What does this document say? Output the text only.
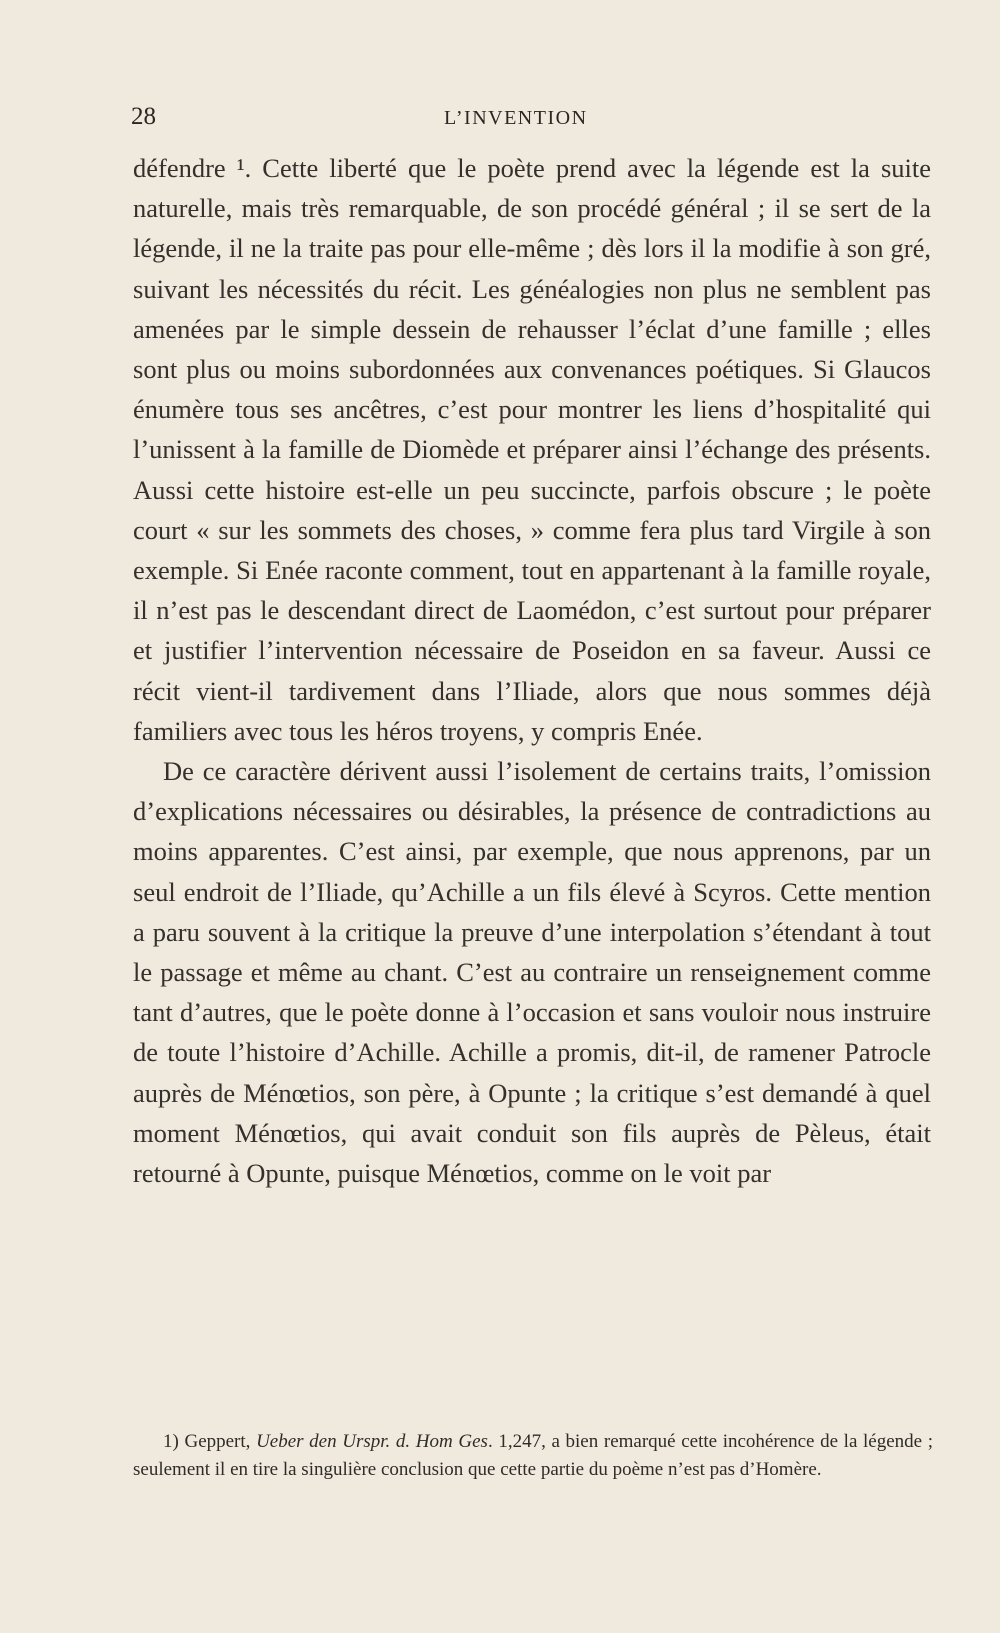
28	L’INVENTION

défendre ¹. Cette liberté que le poète prend avec la légende est la suite naturelle, mais très remarquable, de son procédé général ; il se sert de la légende, il ne la traite pas pour elle-même ; dès lors il la modifie à son gré, suivant les nécessités du récit. Les généalogies non plus ne semblent pas amenées par le simple dessein de rehausser l’éclat d’une famille ; elles sont plus ou moins subordonnées aux convenances poétiques. Si Glaucos énumère tous ses ancêtres, c’est pour montrer les liens d’hospitalité qui l’unissent à la famille de Diomède et préparer ainsi l’échange des présents. Aussi cette histoire est-elle un peu succincte, parfois obscure ; le poète court « sur les sommets des choses, » comme fera plus tard Virgile à son exemple. Si Enée raconte comment, tout en appartenant à la famille royale, il n’est pas le descendant direct de Laomédon, c’est surtout pour préparer et justifier l’intervention nécessaire de Poseidon en sa faveur. Aussi ce récit vient-il tardivement dans l’Iliade, alors que nous sommes déjà familiers avec tous les héros troyens, y compris Enée.

De ce caractère dérivent aussi l’isolement de certains traits, l’omission d’explications nécessaires ou désirables, la présence de contradictions au moins apparentes. C’est ainsi, par exemple, que nous apprenons, par un seul endroit de l’Iliade, qu’Achille a un fils élevé à Scyros. Cette mention a paru souvent à la critique la preuve d’une interpolation s’étendant à tout le passage et même au chant. C’est au contraire un renseignement comme tant d’autres, que le poète donne à l’occasion et sans vouloir nous instruire de toute l’histoire d’Achille. Achille a promis, dit-il, de ramener Patrocle auprès de Ménœtios, son père, à Opunte ; la critique s’est demandé à quel moment Ménœtios, qui avait conduit son fils auprès de Pèleus, était retourné à Opunte, puisque Ménœtios, comme on le voit par

1) Geppert, Ueber den Urspr. d. Hom Ges. 1,247, a bien remarqué cette incohérence de la légende ; seulement il en tire la singulière conclusion que cette partie du poème n’est pas d’Homère.
